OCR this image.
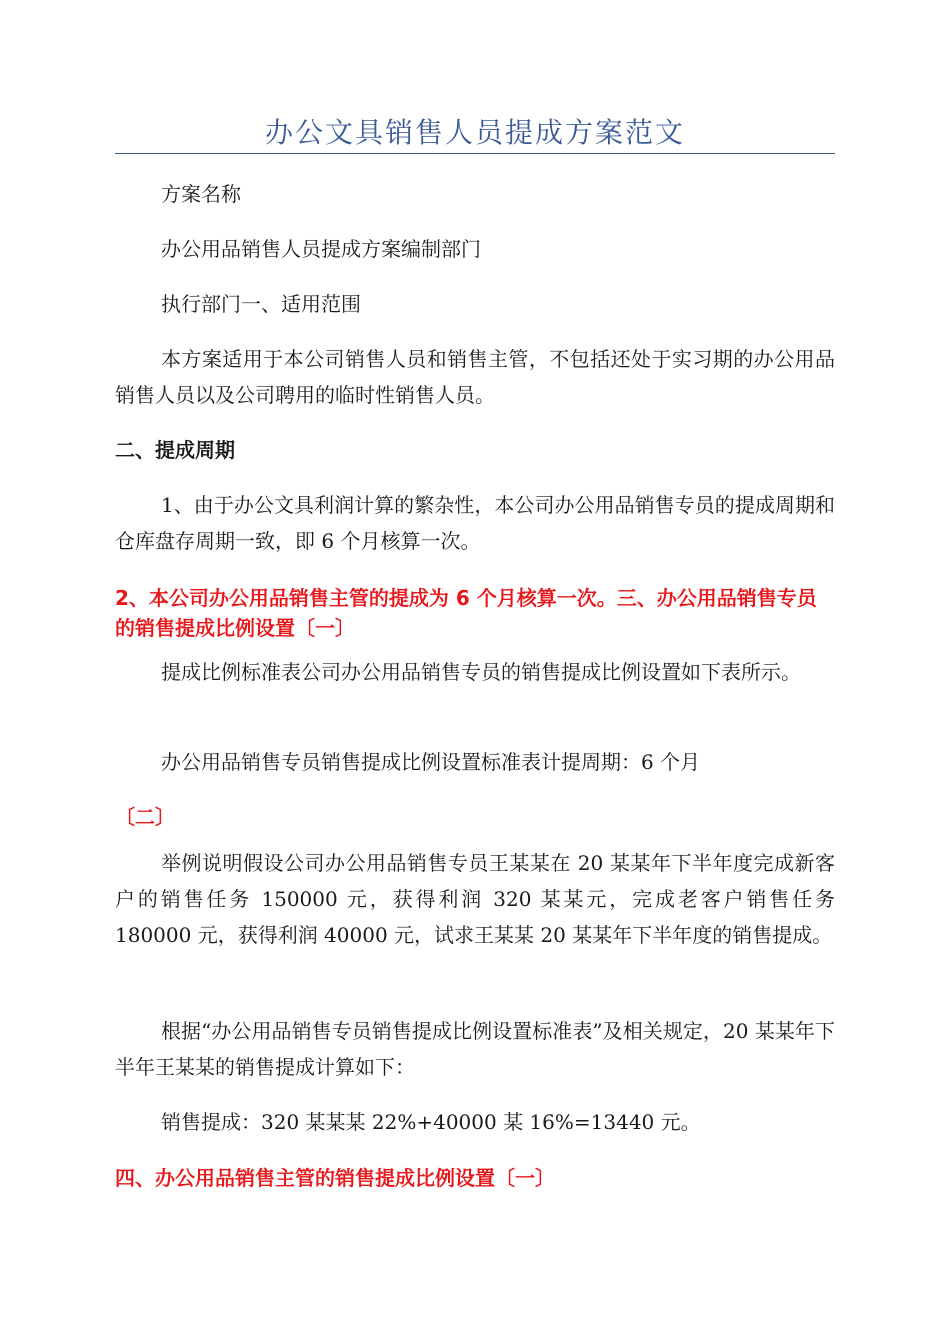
办公文具销售人员提成方案范文

方案名称

办公用品销售人员提成方案编制部门

执行部门一、适用范围

本方案适用于本公司销售人员和销售主管，不包括还处于实习期的办公用品销售人员以及公司聘用的临时性销售人员。

二、提成周期

1、由于办公文具利润计算的繁杂性，本公司办公用品销售专员的提成周期和仓库盘存周期一致，即 6 个月核算一次。

2、本公司办公用品销售主管的提成为 6 个月核算一次。三、办公用品销售专员的销售提成比例设置〔一〕

提成比例标准表公司办公用品销售专员的销售提成比例设置如下表所示。

办公用品销售专员销售提成比例设置标准表计提周期：6 个月

〔二〕

举例说明假设公司办公用品销售专员王某某在 20 某某年下半年度完成新客户的销售任务 150000 元，获得利润 320 某某元，完成老客户销售任务 180000 元，获得利润 40000 元，试求王某某 20 某某年下半年度的销售提成。

根据“办公用品销售专员销售提成比例设置标准表”及相关规定，20 某某年下半年王某某的销售提成计算如下：

销售提成：320 某某某 22%+40000 某 16%=13440 元。

四、办公用品销售主管的销售提成比例设置〔一〕
